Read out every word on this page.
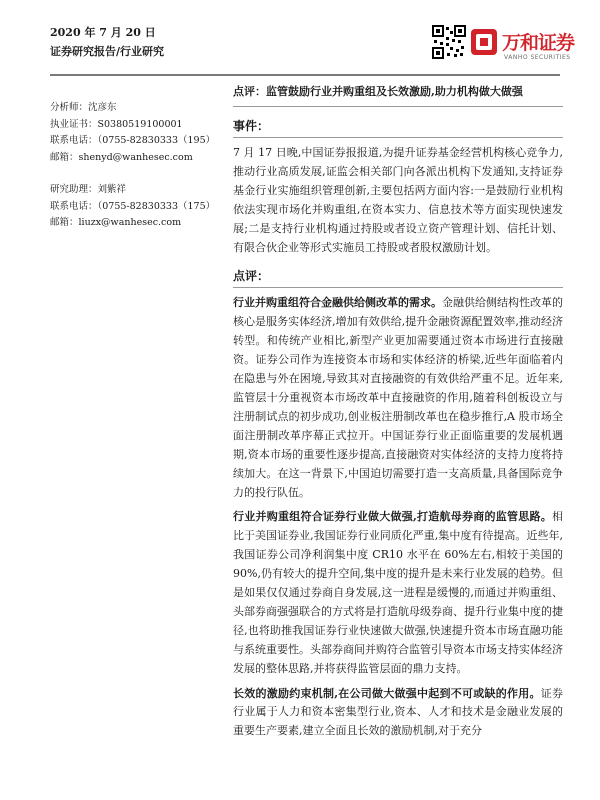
2020 年 7 月 20 日
证券研究报告/行业研究	万和证券
VANHO SECURITIES
分析师：沈彦东
执业证书：S0380519100001
联系电话：（0755-82830333（195）
邮箱：shenyd@wanhesec.com
研究助理：刘紫祥
联系电话：（0755-82830333（175）
邮箱：liuzx@wanhesec.com
点评：监管鼓励行业并购重组及长效激励,助力机构做大做强
事件：
7 月 17 日晚,中国证券报报道,为提升证券基金经营机构核心竞争力,推动行业高质发展,证监会相关部门向各派出机构下发通知,支持证券基金行业实施组织管理创新,主要包括两方面内容:一是鼓励行业机构依法实现市场化并购重组,在资本实力、信息技术等方面实现快速发展;二是支持行业机构通过持股或者设立资产管理计划、信托计划、有限合伙企业等形式实施员工持股或者股权激励计划。
点评：
行业并购重组符合金融供给侧改革的需求。金融供给侧结构性改革的核心是服务实体经济,增加有效供给,提升金融资源配置效率,推动经济转型。和传统产业相比,新型产业更加需要通过资本市场进行直接融资。证券公司作为连接资本市场和实体经济的桥梁,近些年面临着内在隐患与外在困境,导致其对直接融资的有效供给严重不足。近年来,监管层十分重视资本市场改革中直接融资的作用,随着科创板设立与注册制试点的初步成功,创业板注册制改革也在稳步推行,A 股市场全面注册制改革序幕正式拉开。中国证券行业正面临重要的发展机遇期,资本市场的重要性逐步提高,直接融资对实体经济的支持力度将持续加大。在这一背景下,中国迫切需要打造一支高质量,具备国际竞争力的投行队伍。
行业并购重组符合证券行业做大做强,打造航母券商的监管思路。相比于美国证券业,我国证券行业同质化严重,集中度有待提高。近些年,我国证券公司净利润集中度 CR10 水平在 60%左右,相较于美国的 90%,仍有较大的提升空间,集中度的提升是未来行业发展的趋势。但是如果仅仅通过券商自身发展,这一进程是缓慢的,而通过并购重组、头部券商强强联合的方式将是打造航母级券商、提升行业集中度的捷径,也将助推我国证券行业快速做大做强,快速提升资本市场直融功能与系统重要性。头部券商间并购符合监管引导资本市场支持实体经济发展的整体思路,并将获得监管层面的鼎力支持。
长效的激励约束机制,在公司做大做强中起到不可或缺的作用。证券行业属于人力和资本密集型行业,资本、人才和技术是金融业发展的重要生产要素,建立全面且长效的激励机制,对于充分
